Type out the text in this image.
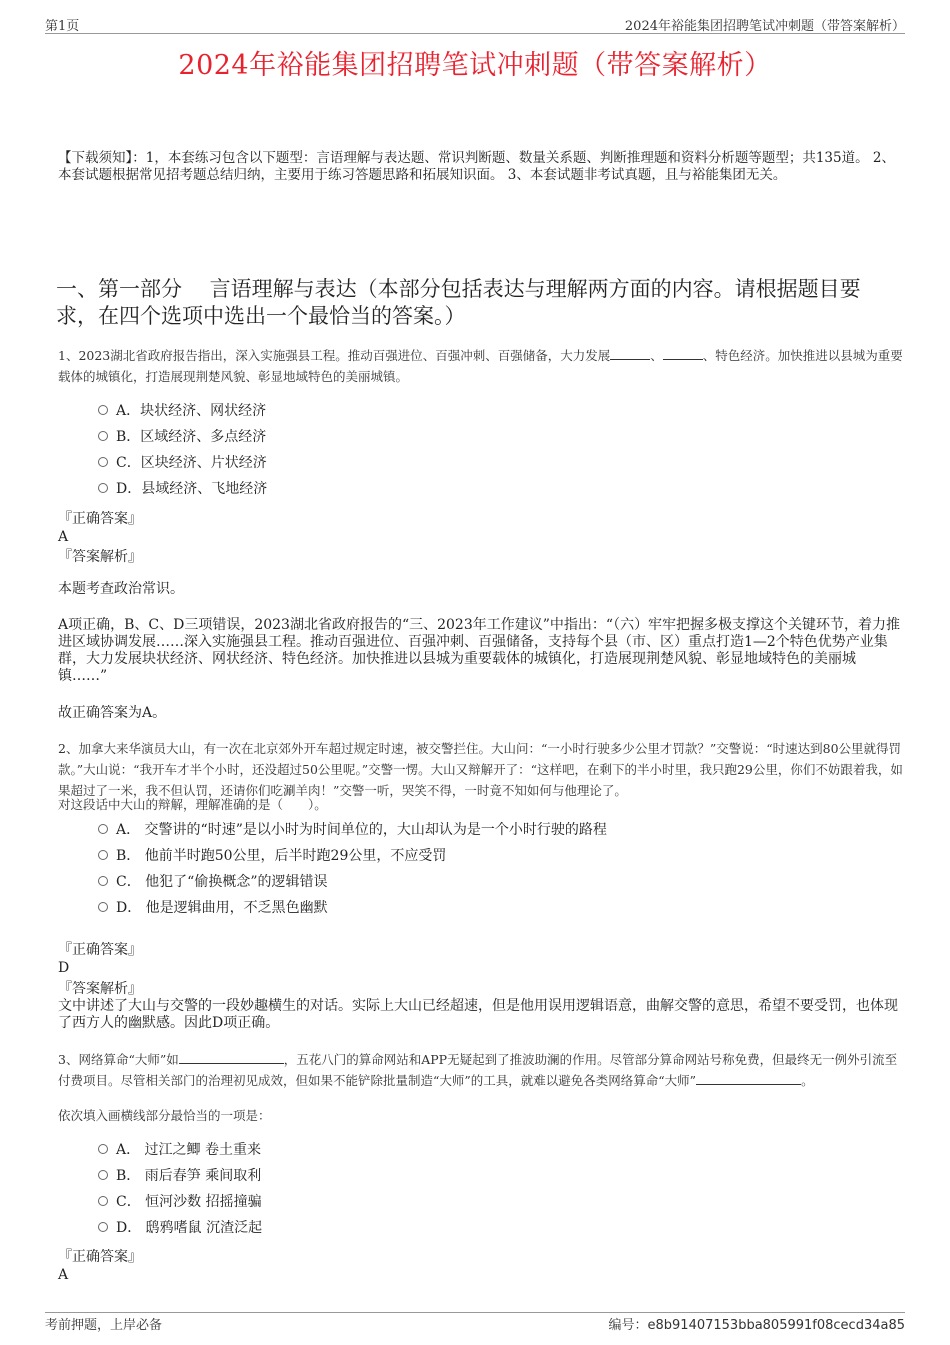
第1页	2024年裕能集团招聘笔试冲刺题（带答案解析）
2024年裕能集团招聘笔试冲刺题（带答案解析）
【下载须知】：1，本套练习包含以下题型：言语理解与表达题、常识判断题、数量关系题、判断推理题和资料分析题等题型；共135道。 2、本套试题根据常见招考题总结归纳，主要用于练习答题思路和拓展知识面。 3、本套试题非考试真题，且与裕能集团无关。
一、第一部分　 言语理解与表达（本部分包括表达与理解两方面的内容。请根据题目要求，在四个选项中选出一个最恰当的答案。）
1、2023湖北省政府报告指出，深入实施强县工程。推动百强进位、百强冲刺、百强储备，大力发展	、	、特色经济。加快推进以县城为重要载体的城镇化，打造展现荆楚风貌、彰显地域特色的美丽城镇。
A．块状经济、网状经济
B．区域经济、多点经济
C．区块经济、片状经济
D．县域经济、飞地经济
『正确答案』
A
『答案解析』
本题考查政治常识。
A项正确，B、C、D三项错误，2023湖北省政府报告的“三、2023年工作建议”中指出：“（六）牢牢把握多极支撑这个关键环节，着力推进区域协调发展……深入实施强县工程。推动百强进位、百强冲刺、百强储备，支持每个县（市、区）重点打造1—2个特色优势产业集群，大力发展块状经济、网状经济、特色经济。加快推进以县城为重要载体的城镇化，打造展现荆楚风貌、彰显地域特色的美丽城镇……”
故正确答案为A。
2、加拿大来华演员大山，有一次在北京郊外开车超过规定时速，被交警拦住。大山问：“一小时行驶多少公里才罚款？”交警说：“时速达到80公里就得罚款。”大山说：“我开车才半个小时，还没超过50公里呢。”交警一愣。大山又辩解开了：“这样吧，在剩下的半小时里，我只跑29公里，你们不妨跟着我，如果超过了一米，我不但认罚，还请你们吃涮羊肉！”交警一听，哭笑不得，一时竟不知如何与他理论了。
对这段话中大山的辩解，理解准确的是（　　）。
A． 交警讲的“时速”是以小时为时间单位的，大山却认为是一个小时行驶的路程
B． 他前半时跑50公里，后半时跑29公里，不应受罚
C． 他犯了“偷换概念”的逻辑错误
D． 他是逻辑曲用，不乏黑色幽默
『正确答案』
D
『答案解析』
文中讲述了大山与交警的一段妙趣横生的对话。实际上大山已经超速，但是他用误用逻辑语意，曲解交警的意思，希望不要受罚，也体现了西方人的幽默感。因此D项正确。
3、网络算命“大师”如	，五花八门的算命网站和APP无疑起到了推波助澜的作用。尽管部分算命网站号称免费，但最终无一例外引流至付费项目。尽管相关部门的治理初见成效，但如果不能铲除批量制造“大师”的工具，就难以避免各类网络算命“大师”	。
依次填入画横线部分最恰当的一项是：
A． 过江之鲫 卷土重来
B． 雨后春笋 乘间取利
C． 恒河沙数 招摇撞骗
D． 鸱鸦嗜鼠 沉渣泛起
『正确答案』
A
考前押题，上岸必备	编号：e8b91407153bba805991f08cecd34a85
